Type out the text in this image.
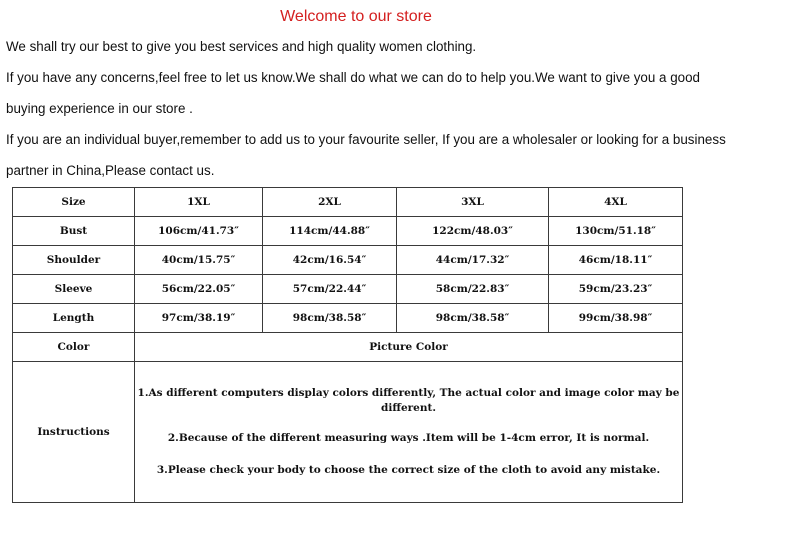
Welcome to our store
We shall try our best to give you best services and high quality women clothing.
If you have any concerns,feel free to let us know.We shall do what we can do to help you.We want to give you a good
buying experience in our store .
If you are an individual buyer,remember to add us to your favourite seller, If you are a wholesaler or looking for a business
partner in China,Please contact us.
Size	1XL	2XL	3XL	4XL
Bust	106cm/41.73″	114cm/44.88″	122cm/48.03″	130cm/51.18″
Shoulder	40cm/15.75″	42cm/16.54″	44cm/17.32″	46cm/18.11″
Sleeve	56cm/22.05″	57cm/22.44″	58cm/22.83″	59cm/23.23″
Length	97cm/38.19″	98cm/38.58″	98cm/38.58″	99cm/38.98″
Color	Picture Color			
Instructions	1.As different computers display colors differently, The actual color and image color may be different.

2.Because of the different measuring ways .Item will be 1-4cm error, It is normal.

3.Please check your body to choose the correct size of the cloth to avoid any mistake.			
